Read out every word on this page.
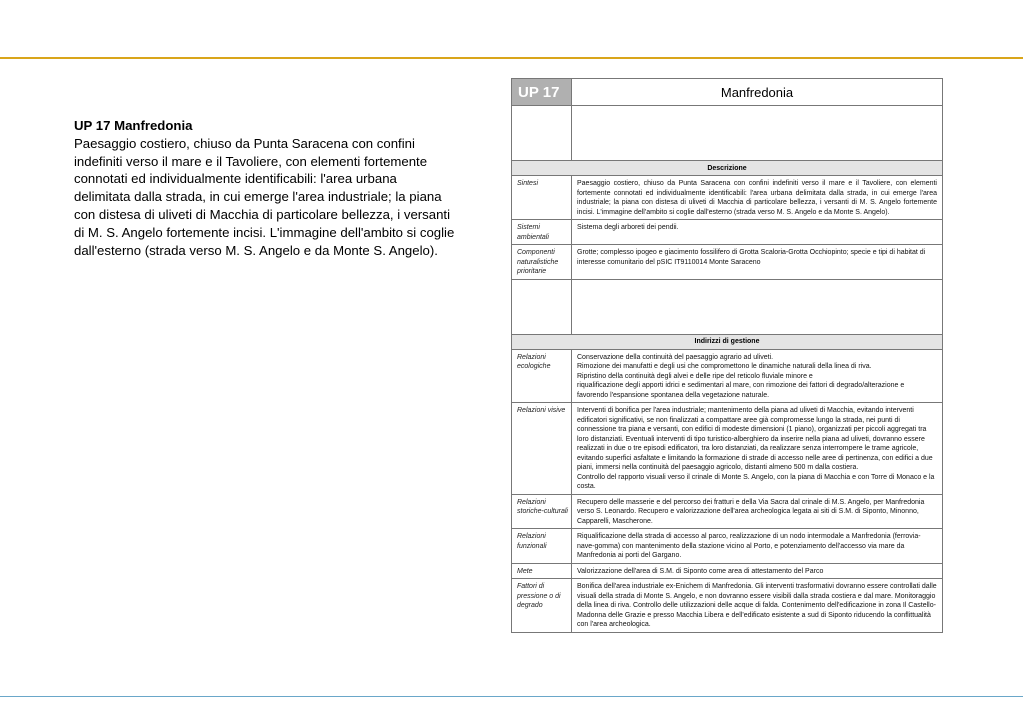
UP 17 Manfredonia
Paesaggio costiero, chiuso da Punta Saracena con confini indefiniti verso il mare e il Tavoliere, con elementi fortemente connotati ed individualmente identificabili: l'area urbana delimitata dalla strada, in cui emerge l'area industriale; la piana con distesa di uliveti di Macchia di particolare bellezza, i versanti di M. S. Angelo fortemente incisi. L'immagine dell'ambito si coglie dall'esterno (strada verso M. S. Angelo e da Monte S. Angelo).
UP 17	Manfredonia

Descrizione	
Sintesi	Paesaggio costiero, chiuso da Punta Saracena con confini indefiniti verso il mare e il Tavoliere, con elementi fortemente connotati ed individualmente identificabili: l'area urbana delimitata dalla strada, in cui emerge l'area industriale; la piana con distesa di uliveti di Macchia di particolare bellezza, i versanti di M. S. Angelo fortemente incisi. L'immagine dell'ambito si coglie dall'esterno (strada verso M. S. Angelo e da Monte S. Angelo).
Sistemi ambientali	Sistema degli arboreti dei pendii.
Componenti naturalistiche prioritarie	Grotte; complesso ipogeo e giacimento fossilifero di Grotta Scaloria-Grotta Occhiopinto; specie e tipi di habitat di interesse comunitario del pSIC IT9110014 Monte Saraceno

Indirizzi di gestione	
Relazioni ecologiche	Conservazione della continuità del paesaggio agrario ad uliveti.
Rimozione dei manufatti e degli usi che compromettono le dinamiche naturali della linea di riva.
Ripristino della continuità degli alvei e delle ripe del reticolo fluviale minore e
riqualificazione degli apporti idrici e sedimentari al mare, con rimozione dei fattori di degrado/alterazione e favorendo l'espansione spontanea della vegetazione naturale.
Relazioni visive	Interventi di bonifica per l'area industriale; mantenimento della piana ad uliveti di Macchia, evitando interventi edificatori significativi, se non finalizzati a compattare aree già compromesse lungo la strada, nei punti di connessione tra piana e versanti, con edifici di modeste dimensioni (1 piano), organizzati per piccoli aggregati tra loro distanziati. Eventuali interventi di tipo turistico-alberghiero da inserire nella piana ad uliveti, dovranno essere realizzati in due o tre episodi edificatori, tra loro distanziati, da realizzare senza interrompere le trame agricole, evitando superfici asfaltate e limitando la formazione di strade di accesso nelle aree di pertinenza, con edifici a due piani, immersi nella continuità del paesaggio agricolo, distanti almeno 500 m dalla costiera.
Controllo del rapporto visuali verso il crinale di Monte S. Angelo, con la piana di Macchia e con Torre di Monaco e la costa.
Relazioni storiche-culturali	Recupero delle masserie e del percorso dei fratturi e della Via Sacra dal crinale di M.S. Angelo, per Manfredonia verso S. Leonardo. Recupero e valorizzazione dell'area archeologica legata ai siti di S.M. di Siponto, Minonno, Capparelli, Mascherone.
Relazioni funzionali	Riqualificazione della strada di accesso al parco, realizzazione di un nodo intermodale a Manfredonia (ferrovia-nave-gomma) con mantenimento della stazione vicino al Porto, e potenziamento dell'accesso via mare da Manfredonia ai porti del Gargano.
Mete	Valorizzazione dell'area di S.M. di Siponto come area di attestamento del Parco
Fattori di pressione o di degrado	Bonifica dell'area industriale ex-Enichem di Manfredonia. Gli interventi trasformativi dovranno essere controllati dalle visuali della strada di Monte S. Angelo, e non dovranno essere visibili dalla strada costiera e dal mare. Monitoraggio della linea di riva. Controllo delle utilizzazioni delle acque di falda. Contenimento dell'edificazione in zona Il Castello- Madonna delle Grazie e presso Macchia Libera e dell'edificato esistente a sud di Siponto riducendo la conflittualità con l'area archeologica.
